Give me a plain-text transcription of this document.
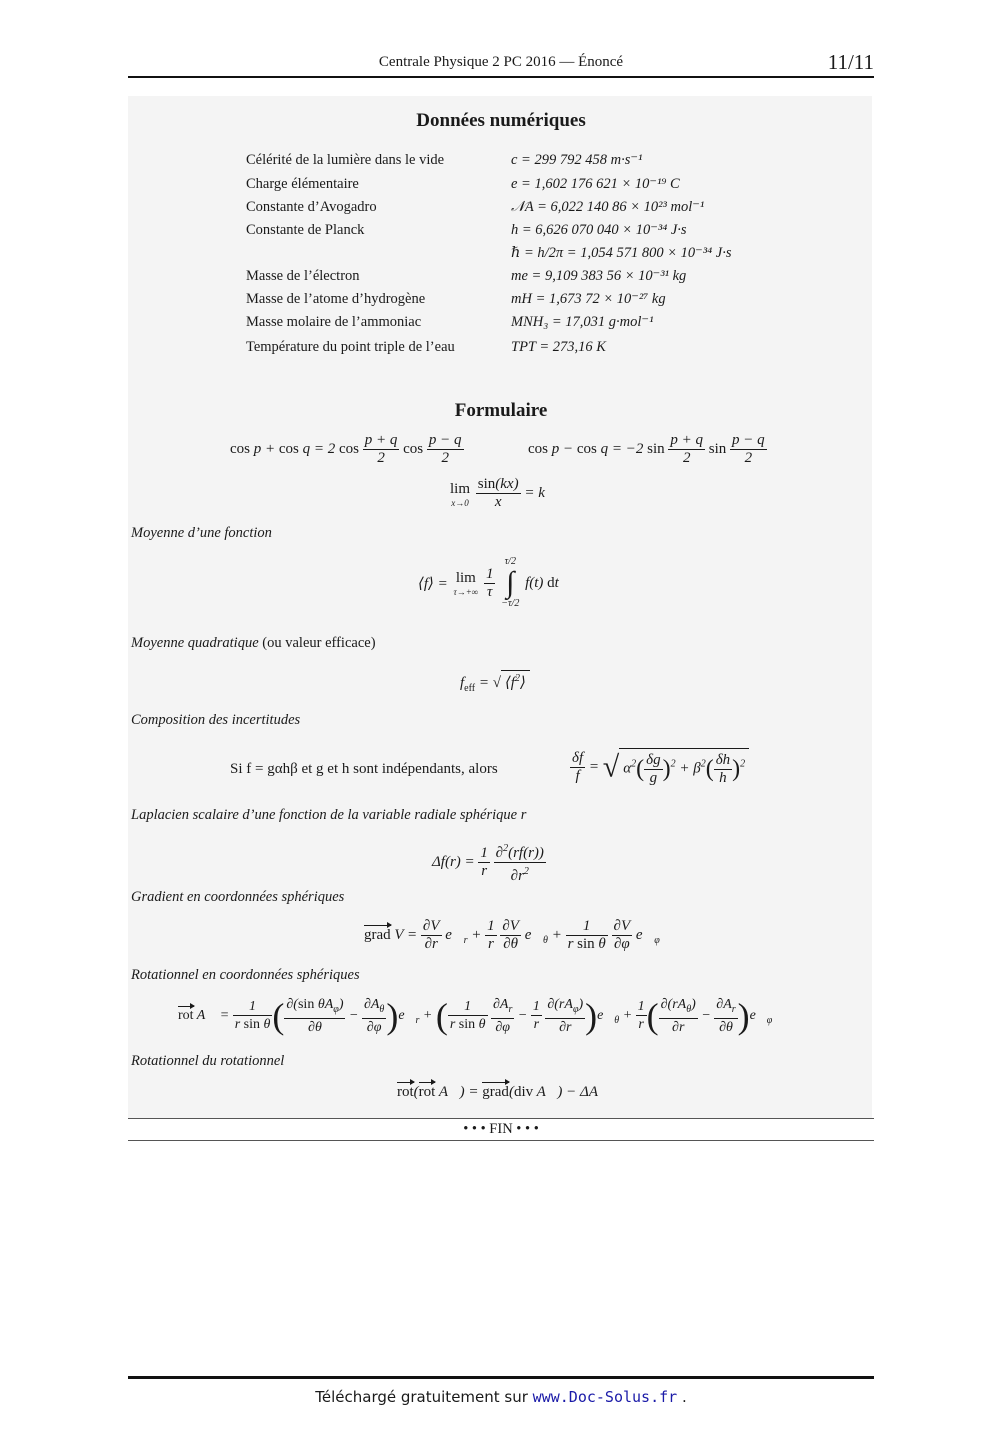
Centrale Physique 2 PC 2016 — Énoncé	11/11
Données numériques
Célérité de la lumière dans le vide	c = 299 792 458 m·s⁻¹
Charge élémentaire	e = 1,602 176 621 × 10⁻¹⁹ C
Constante d’Avogadro	𝒩A = 6,022 140 86 × 10²³ mol⁻¹
Constante de Planck	h = 6,626 070 040 × 10⁻³⁴ J·s
ℏ = h/2π = 1,054 571 800 × 10⁻³⁴ J·s
Masse de l’électron	me = 9,109 383 56 × 10⁻³¹ kg
Masse de l’atome d’hydrogène	mH = 1,673 72 × 10⁻²⁷ kg
Masse molaire de l’ammoniac	MNH₃ = 17,031 g·mol⁻¹
Température du point triple de l’eau	TPT = 273,16 K
Formulaire
cos p + cos q = 2 $\cos \frac{p + q}{2}$ $\cos \frac{p - q}{2}$	cos p − cos q = −2 $\sin \frac{p + q}{2}$ $\sin \frac{p - q}{2}$
lim
x→0
$\frac{\sin(kx)}{x} = k$
Moyenne d’une fonction
⟨f⟩ = lim
τ→+∞
$\frac{1}{\tau}$

τ/2
∫
−τ/2
f(t) dt
Moyenne quadratique (ou valeur efficace)
$f_{eff}$ = √ $⟨f^2⟩$
Composition des incertitudes
Si f = gαhβ et g et h sont indépendants, alors	$\frac{\delta f}{f}$ = √ $\alpha^2( \frac{\delta g}{g} )^2 + \beta^2( \frac{\delta h}{h} )^2$
Laplacien scalaire d’une fonction de la variable radiale sphérique r
$\Delta f(r) = \frac{1}{r}$
$\frac{\partial^2(rf(r))}{\partial r^2}$
Gradient en coordonnées sphériques
grad $V = \frac{\partial V}{\partial r}$ $e⃗_r + \frac{1}{r}$
$\frac{\partial V}{\partial\theta}$ $e⃗_\theta + \frac{1}{\text{r sin θ}}$
$\frac{\partial V}{\partial\varphi}$ $e⃗_\varphi$
Rotationnel en coordonnées sphériques
rot A⃗ = $\frac{1}{\text{r sin θ}}$ ( $\frac{\partial(\sin \theta A_\varphi)}{\partial\theta} - \frac{\partial A_\theta}{\partial\varphi}$ )$e⃗_r$ + ( $\frac{1}{\text{r sin θ}}$
$\frac{\partial A_r}{\partial\varphi} - \frac{1}{r}$
$\frac{\partial(rA_\varphi)}{\partial r}$ )$e⃗_\theta + \frac{1}{r}$ ( $\frac{\partial(rA_\theta)}{\partial r} - \frac{\partial A_r}{\partial\theta}$ )$e⃗_\varphi$
Rotationnel du rotationnel
rot(rot A⃗) = grad(div A⃗) − ΔA⃗
• • • FIN • • •
Téléchargé gratuitement sur www.Doc-Solus.fr .
